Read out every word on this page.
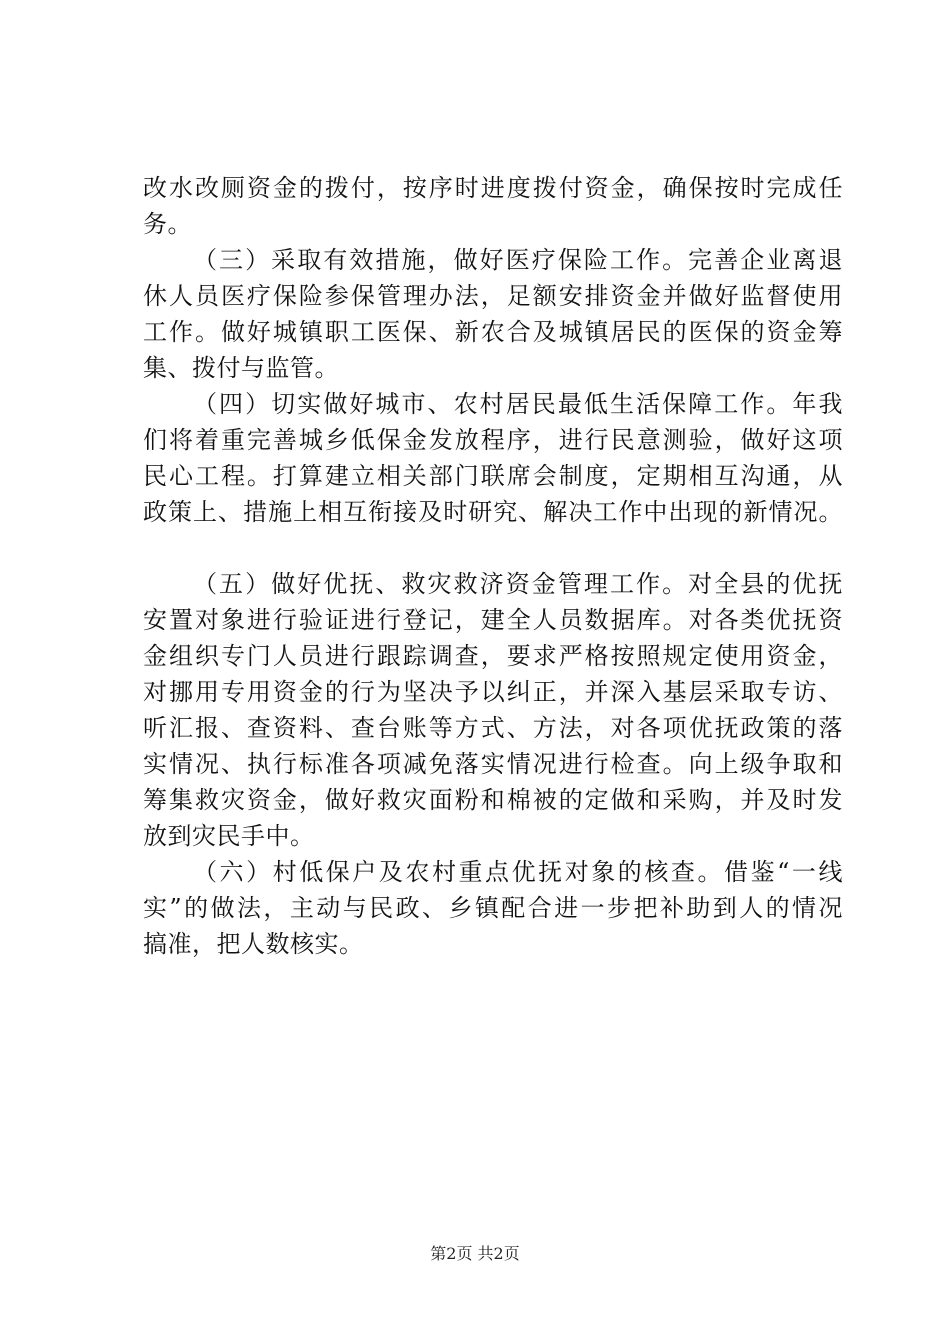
改水改厕资金的拨付，按序时进度拨付资金，确保按时完成任
务。
（三）采取有效措施，做好医疗保险工作。完善企业离退
休人员医疗保险参保管理办法，足额安排资金并做好监督使用
工作。做好城镇职工医保、新农合及城镇居民的医保的资金筹
集、拨付与监管。
（四）切实做好城市、农村居民最低生活保障工作。年我
们将着重完善城乡低保金发放程序，进行民意测验，做好这项
民心工程。打算建立相关部门联席会制度，定期相互沟通，从
政策上、措施上相互衔接及时研究、解决工作中出现的新情况。
（五）做好优抚、救灾救济资金管理工作。对全县的优抚
安置对象进行验证进行登记，建全人员数据库。对各类优抚资
金组织专门人员进行跟踪调查，要求严格按照规定使用资金，
对挪用专用资金的行为坚决予以纠正，并深入基层采取专访、
听汇报、查资料、查台账等方式、方法，对各项优抚政策的落
实情况、执行标准各项减免落实情况进行检查。向上级争取和
筹集救灾资金，做好救灾面粉和棉被的定做和采购，并及时发
放到灾民手中。
（六）村低保户及农村重点优抚对象的核查。借鉴“一线
实”的做法，主动与民政、乡镇配合进一步把补助到人的情况
搞准，把人数核实。
第2页 共2页
